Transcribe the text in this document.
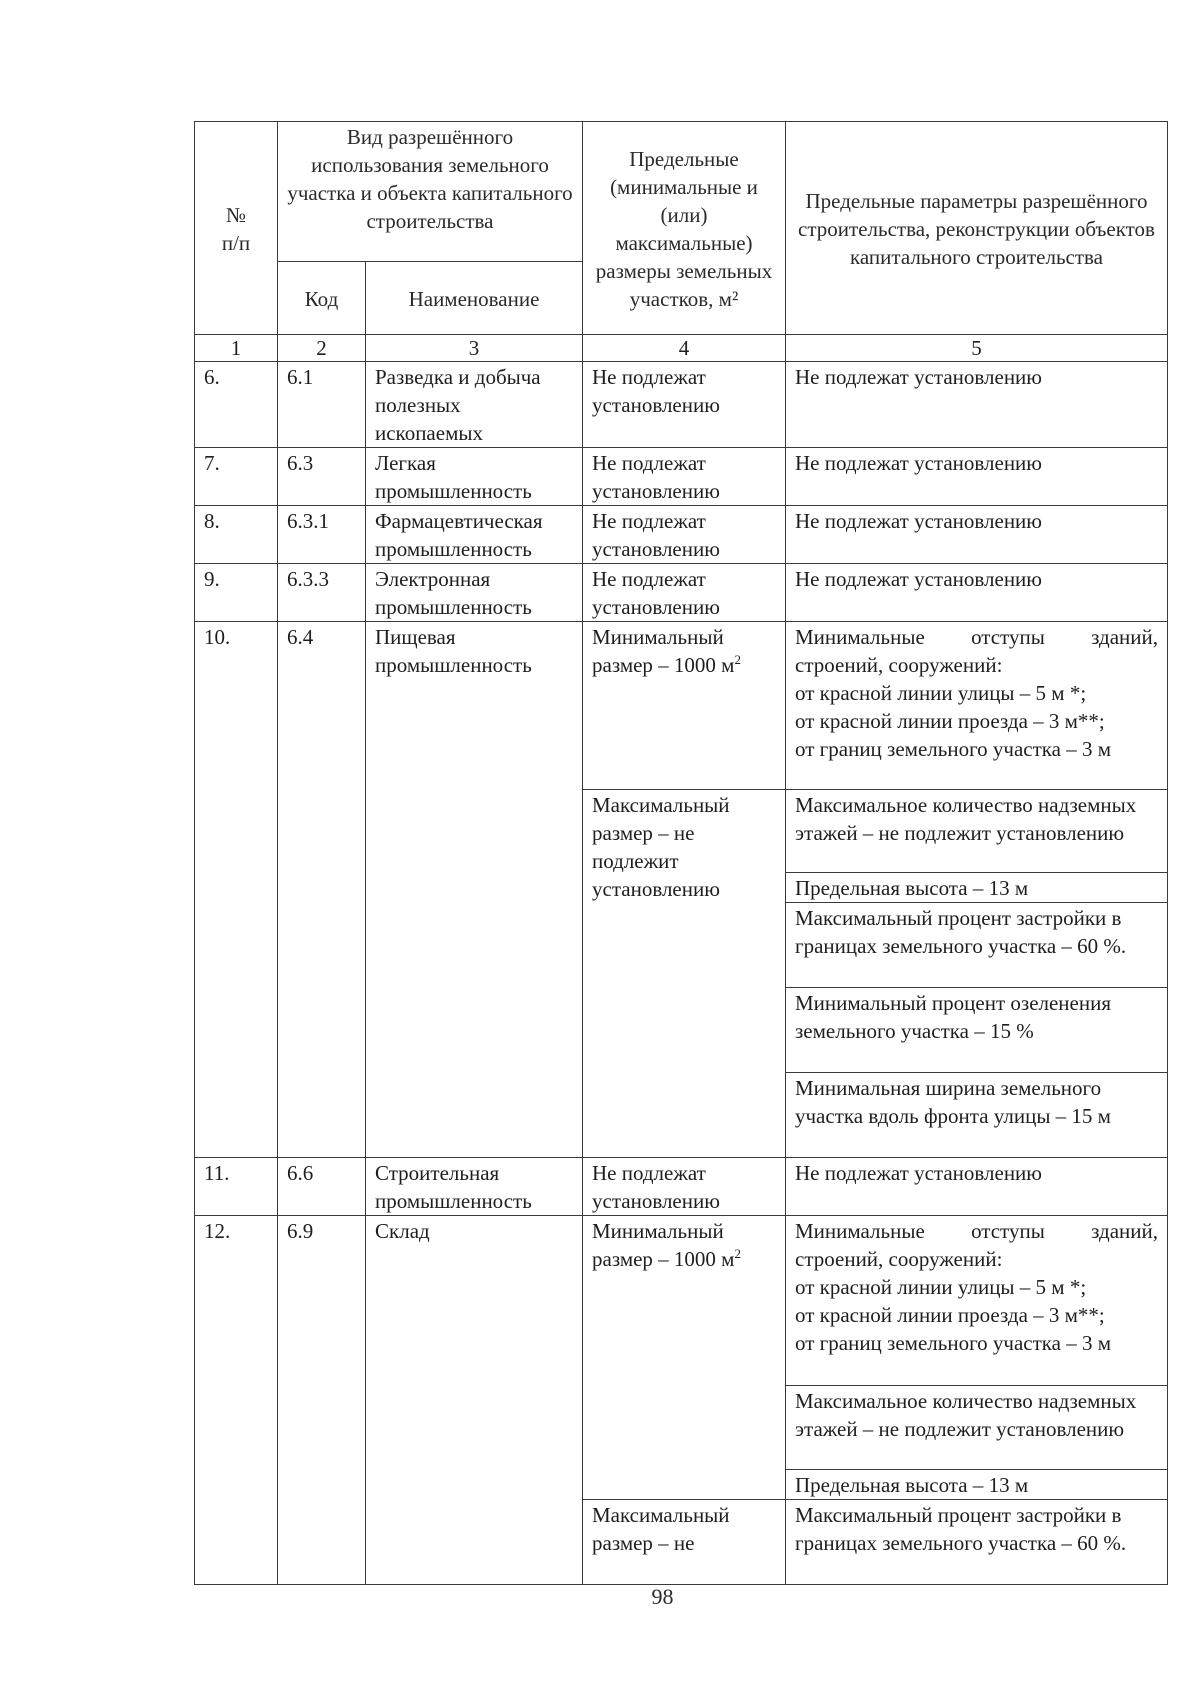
№
п/п	Вид разрешённого использования земельного участка и объекта капитального строительства		Предельные (минимальные и (или) максимальные) размеры земельных участков, м²	Предельные параметры разрешённого строительства, реконструкции объектов капитального строительства
	Код	Наименование		
1	2	3	4	5
6.	6.1	Разведка и добыча полезных ископаемых	Не подлежат установлению	Не подлежат установлению
7.	6.3	Легкая промышленность	Не подлежат установлению	Не подлежат установлению
8.	6.3.1	Фармацевтическая промышленность	Не подлежат установлению	Не подлежат установлению
9.	6.3.3	Электронная промышленность	Не подлежат установлению	Не подлежат установлению
10.	6.4	Пищевая промышленность	Минимальный размер – 1000 $м^2$	Минимальные отступы зданий, строений, сооружений:
от красной линии улицы – 5 м *;
от красной линии проезда – 3 м**;
от границ земельного участка – 3 м

			Максимальный размер – не подлежит установлению	Максимальное количество надземных этажей – не подлежит установлению
				Предельная высота – 13 м
				Максимальный процент застройки в границах земельного участка – 60 %.
				Минимальный процент озеленения земельного участка – 15 %
				Минимальная ширина земельного участка вдоль фронта улицы – 15 м
11.	6.6	Строительная промышленность	Не подлежат установлению	Не подлежат установлению
12.	6.9	Склад	Минимальный размер – 1000 $м^2$	Минимальные отступы зданий, строений, сооружений:
от красной линии улицы – 5 м *;
от красной линии проезда – 3 м**;
от границ земельного участка – 3 м

				Максимальное количество надземных этажей – не подлежит установлению
				Предельная высота – 13 м
			Максимальный размер – не	Максимальный процент застройки в границах земельного участка – 60 %.

98
